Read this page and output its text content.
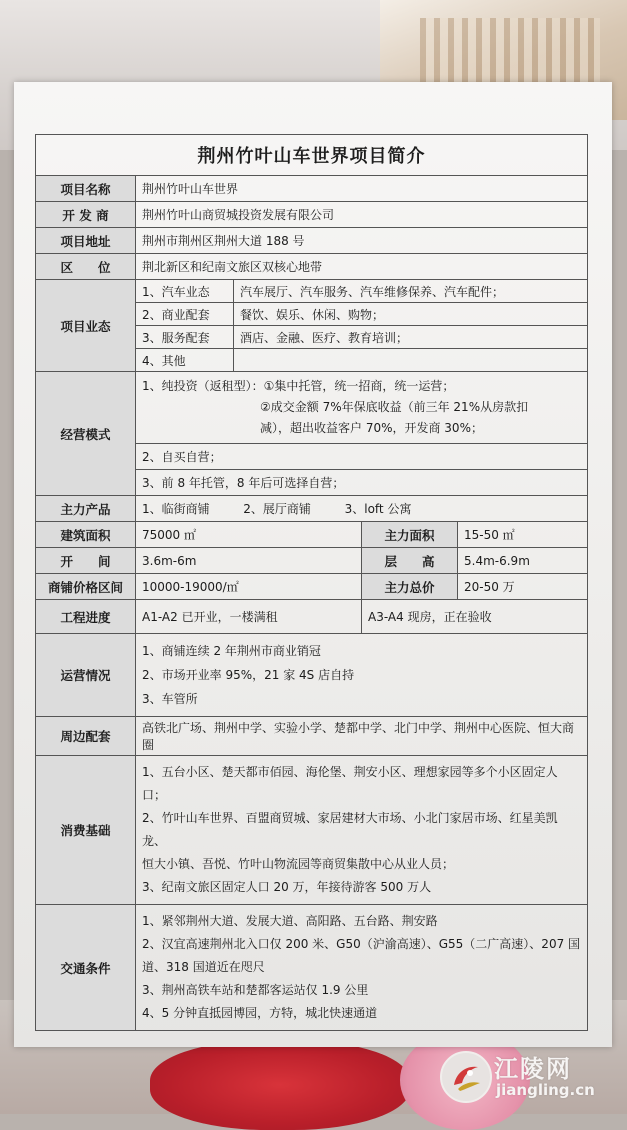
荆州竹叶山车世界项目简介				
项目名称	荆州竹叶山车世界			
开 发 商	荆州竹叶山商贸城投资发展有限公司			
项目地址	荆州市荆州区荆州大道 188 号			
区　　位	荆北新区和纪南文旅区双核心地带			
项目业态	1、汽车业态	汽车展厅、汽车服务、汽车维修保养、汽车配件；		
	2、商业配套	餐饮、娱乐、休闲、购物；		
	3、服务配套	酒店、金融、医疗、教育培训；		
	4、其他			
经营模式	1、纯投资（返租型）：①集中托管，统一招商，统一运营；
②成交金额 7%年保底收益（前三年 21%从房款扣
减），超出收益客户 70%，开发商 30%；			

	2、自买自营；			
	3、前 8 年托管，8 年后可选择自营；			
主力产品	1、临街商铺 2、展厅商铺 3、loft 公寓			
建筑面积	75000 ㎡		主力面积	15-50 ㎡
开　　间	3.6m-6m		层　　高	5.4m-6.9m
商铺价格区间	10000-19000/㎡		主力总价	20-50 万
工程进度	A1-A2 已开业，一楼满租		A3-A4 现房，正在验收	
运营情况	1、商铺连续 2 年荆州市商业销冠
2、市场开业率 95%，21 家 4S 店自持
3、车管所			

周边配套	高铁北广场、荆州中学、实验小学、楚都中学、北门中学、荆州中心医院、恒大商圈			
消费基础	1、五台小区、楚天都市佰园、海伦堡、荆安小区、理想家园等多个小区固定人口；
2、竹叶山车世界、百盟商贸城、家居建材大市场、小北门家居市场、红星美凯龙、
恒大小镇、吾悦、竹叶山物流园等商贸集散中心从业人员；
3、纪南文旅区固定人口 20 万，年接待游客 500 万人			

交通条件	1、紧邻荆州大道、发展大道、高阳路、五台路、荆安路
2、汉宜高速荆州北入口仅 200 米、G50（沪渝高速）、G55（二广高速）、207 国
道、318 国道近在咫尺
3、荆州高铁车站和楚都客运站仅 1.9 公里
4、5 分钟直抵园博园，方特，城北快速通道			
江陵网
jiangling.cn
